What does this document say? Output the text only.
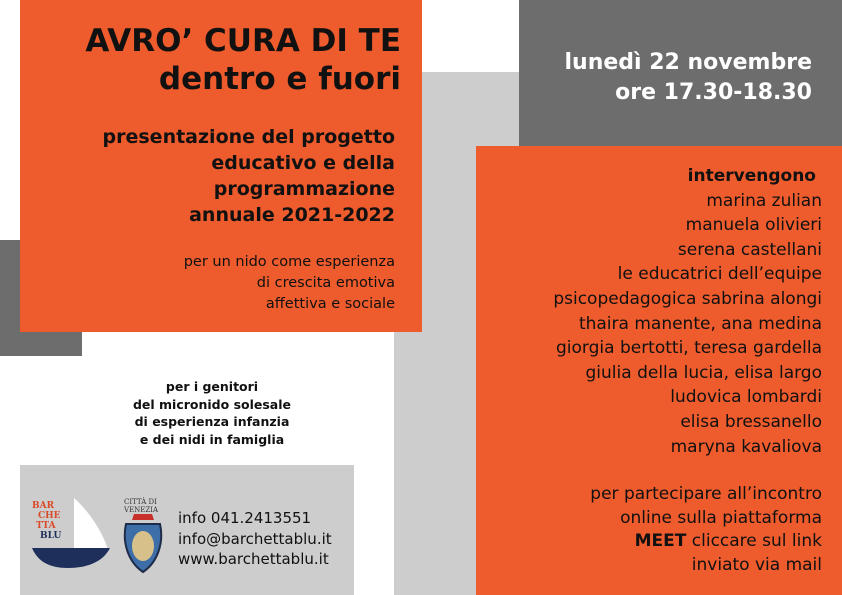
AVRO’ CURA DI TE
dentro e fuori
presentazione del progetto
educativo e della
programmazione
annuale 2021-2022
per un nido come esperienza
di crescita emotiva
affettiva e sociale
lunedì 22 novembre
ore 17.30-18.30
intervengono
marina zulian
manuela olivieri
serena castellani
le educatrici dell’equipe
psicopedagogica sabrina alongi
thaira manente, ana medina
giorgia bertotti, teresa gardella
giulia della lucia, elisa largo
ludovica lombardi
elisa bressanello
maryna kavaliova
per partecipare all’incontro
online sulla piattaforma
MEET cliccare sul link
inviato via mail
per i genitori
del micronido solesale
di esperienza infanzia
e dei nidi in famiglia
BAR
CHE
TTA
BLU
CITTÀ DI
VENEZIA info 041.2413551
info@barchettablu.it
www.barchettablu.it
